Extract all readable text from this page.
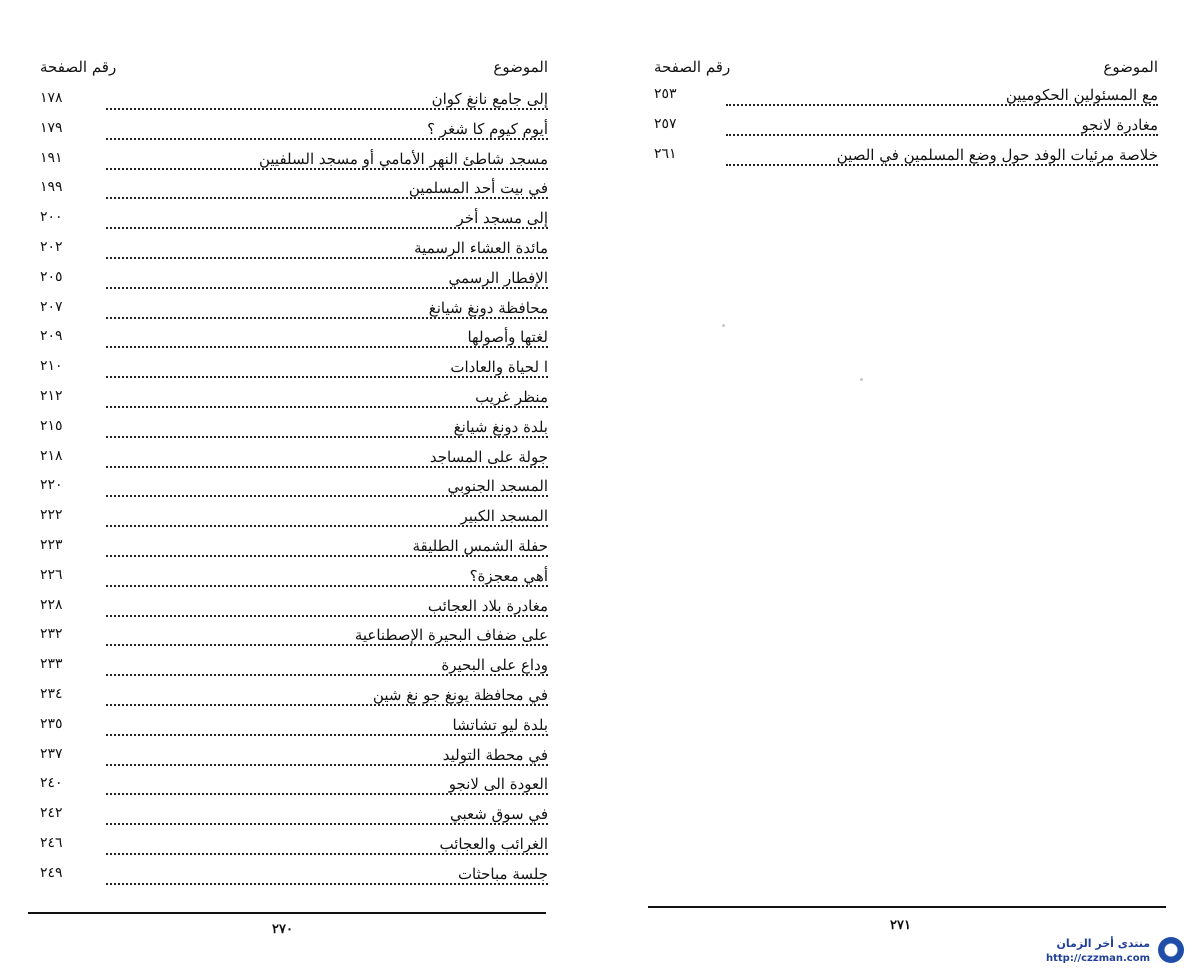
الموضوع
رقم الصفحة
إلى جامع نانغ كوان
١٧٨
أيوم كيوم كا شغر ؟
١٧٩
مسجد شاطئ النهر الأمامي أو مسجد السلفيين
١٩١
في بيت أحد المسلمين
١٩٩
إلى مسجد أخر
٢٠٠
مائدة العشاء الرسمية
٢٠٢
الإفطار الرسمي
٢٠٥
محافظة دونغ شيانغ
٢٠٧
لغتها وأصولها
٢٠٩
ا لحياة والعادات
٢١٠
منظر غريب
٢١٢
بلدة دونغ شيانغ
٢١٥
جولة على المساجد
٢١٨
المسجد الجنوبي
٢٢٠
المسجد الكبير
٢٢٢
حفلة الشمس الطليقة
٢٢٣
أهي معجزة؟
٢٢٦
مغادرة بلاد العجائب
٢٢٨
على ضفاف البحيرة الإصطناعية
٢٣٢
وداع على البحيرة
٢٣٣
في محافظة يونغ جو نغ شين
٢٣٤
بلدة ليو تشاتشا
٢٣٥
في محطة التوليد
٢٣٧
العودة الى لانجو
٢٤٠
في سوق شعبي
٢٤٢
الغرائب والعجائب
٢٤٦
جلسة مباحثات
٢٤٩
٢٧٠
الموضوع
رقم الصفحة
مع المسئولين الحكوميين
٢٥٣
مغادرة لانجو
٢٥٧
خلاصة مرئيات الوفد حول وضع المسلمين في الصين
٢٦١
٢٧١
منتدى أخر الزمان
http://czzman.com
